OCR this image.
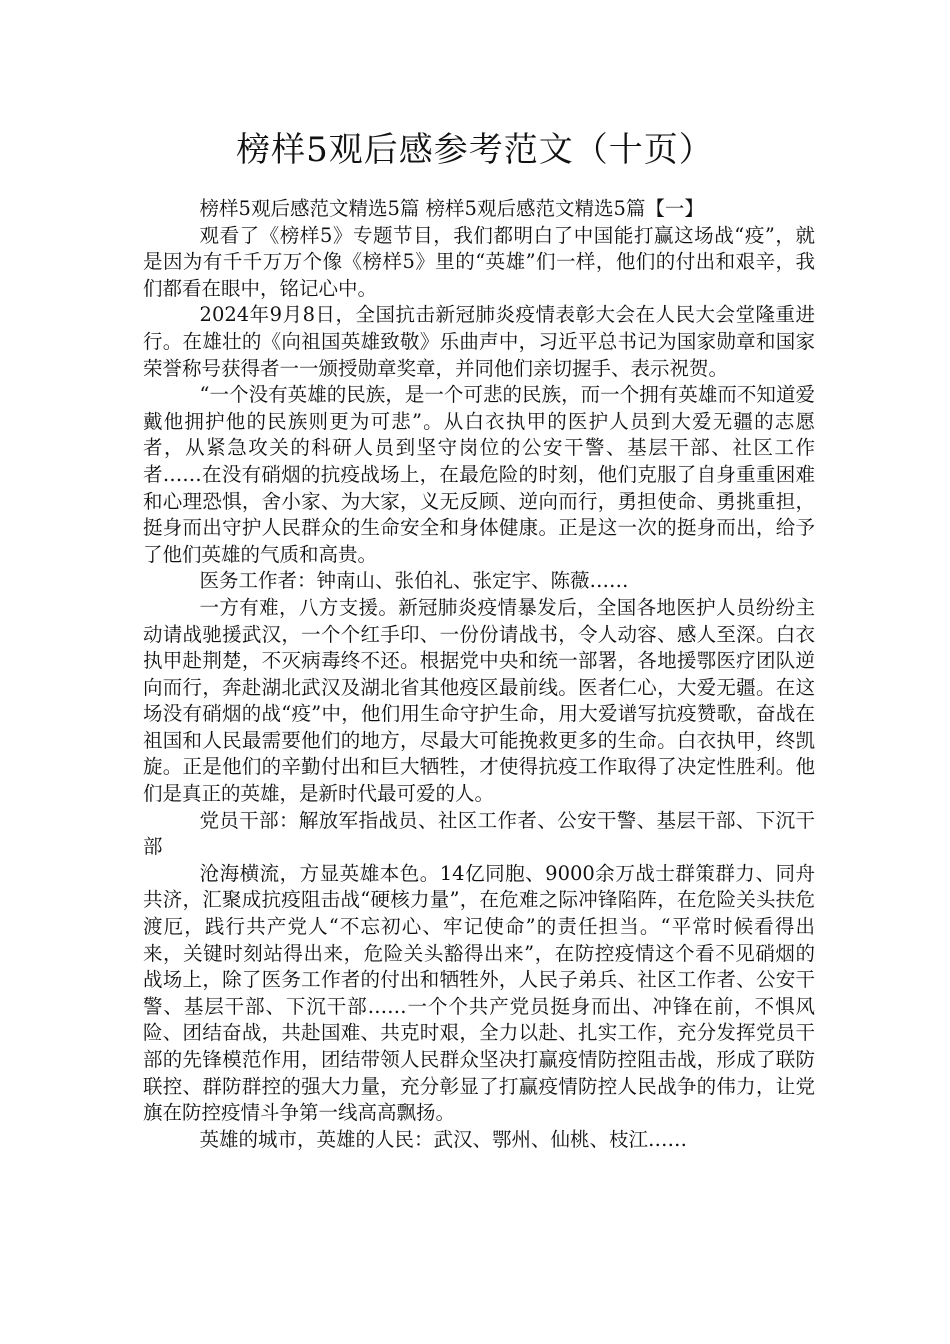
榜样5观后感参考范文（十页）

榜样5观后感范文精选5篇 榜样5观后感范文精选5篇【一】

观看了《榜样5》专题节目，我们都明白了中国能打赢这场战“疫”，就是因为有千千万万个像《榜样5》里的“英雄”们一样，他们的付出和艰辛，我们都看在眼中，铭记心中。

2024年9月8日，全国抗击新冠肺炎疫情表彰大会在人民大会堂隆重进行。在雄壮的《向祖国英雄致敬》乐曲声中，习近平总书记为国家勋章和国家荣誉称号获得者一一颁授勋章奖章，并同他们亲切握手、表示祝贺。

“一个没有英雄的民族，是一个可悲的民族，而一个拥有英雄而不知道爱戴他拥护他的民族则更为可悲”。从白衣执甲的医护人员到大爱无疆的志愿者，从紧急攻关的科研人员到坚守岗位的公安干警、基层干部、社区工作者……在没有硝烟的抗疫战场上，在最危险的时刻，他们克服了自身重重困难和心理恐惧，舍小家、为大家，义无反顾、逆向而行，勇担使命、勇挑重担，挺身而出守护人民群众的生命安全和身体健康。正是这一次的挺身而出，给予了他们英雄的气质和高贵。

医务工作者：钟南山、张伯礼、张定宇、陈薇……

一方有难，八方支援。新冠肺炎疫情暴发后，全国各地医护人员纷纷主动请战驰援武汉，一个个红手印、一份份请战书，令人动容、感人至深。白衣执甲赴荆楚，不灭病毒终不还。根据党中央和统一部署，各地援鄂医疗团队逆向而行，奔赴湖北武汉及湖北省其他疫区最前线。医者仁心，大爱无疆。在这场没有硝烟的战“疫”中，他们用生命守护生命，用大爱谱写抗疫赞歌，奋战在祖国和人民最需要他们的地方，尽最大可能挽救更多的生命。白衣执甲，终凯旋。正是他们的辛勤付出和巨大牺牲，才使得抗疫工作取得了决定性胜利。他们是真正的英雄，是新时代最可爱的人。

党员干部：解放军指战员、社区工作者、公安干警、基层干部、下沉干部

沧海横流，方显英雄本色。14亿同胞、9000余万战士群策群力、同舟共济，汇聚成抗疫阻击战“硬核力量”，在危难之际冲锋陷阵，在危险关头扶危渡厄，践行共产党人“不忘初心、牢记使命”的责任担当。“平常时候看得出来，关键时刻站得出来，危险关头豁得出来”，在防控疫情这个看不见硝烟的战场上，除了医务工作者的付出和牺牲外，人民子弟兵、社区工作者、公安干警、基层干部、下沉干部……一个个共产党员挺身而出、冲锋在前，不惧风险、团结奋战，共赴国难、共克时艰，全力以赴、扎实工作，充分发挥党员干部的先锋模范作用，团结带领人民群众坚决打赢疫情防控阻击战，形成了联防联控、群防群控的强大力量，充分彰显了打赢疫情防控人民战争的伟力，让党旗在防控疫情斗争第一线高高飘扬。

英雄的城市，英雄的人民：武汉、鄂州、仙桃、枝江……
